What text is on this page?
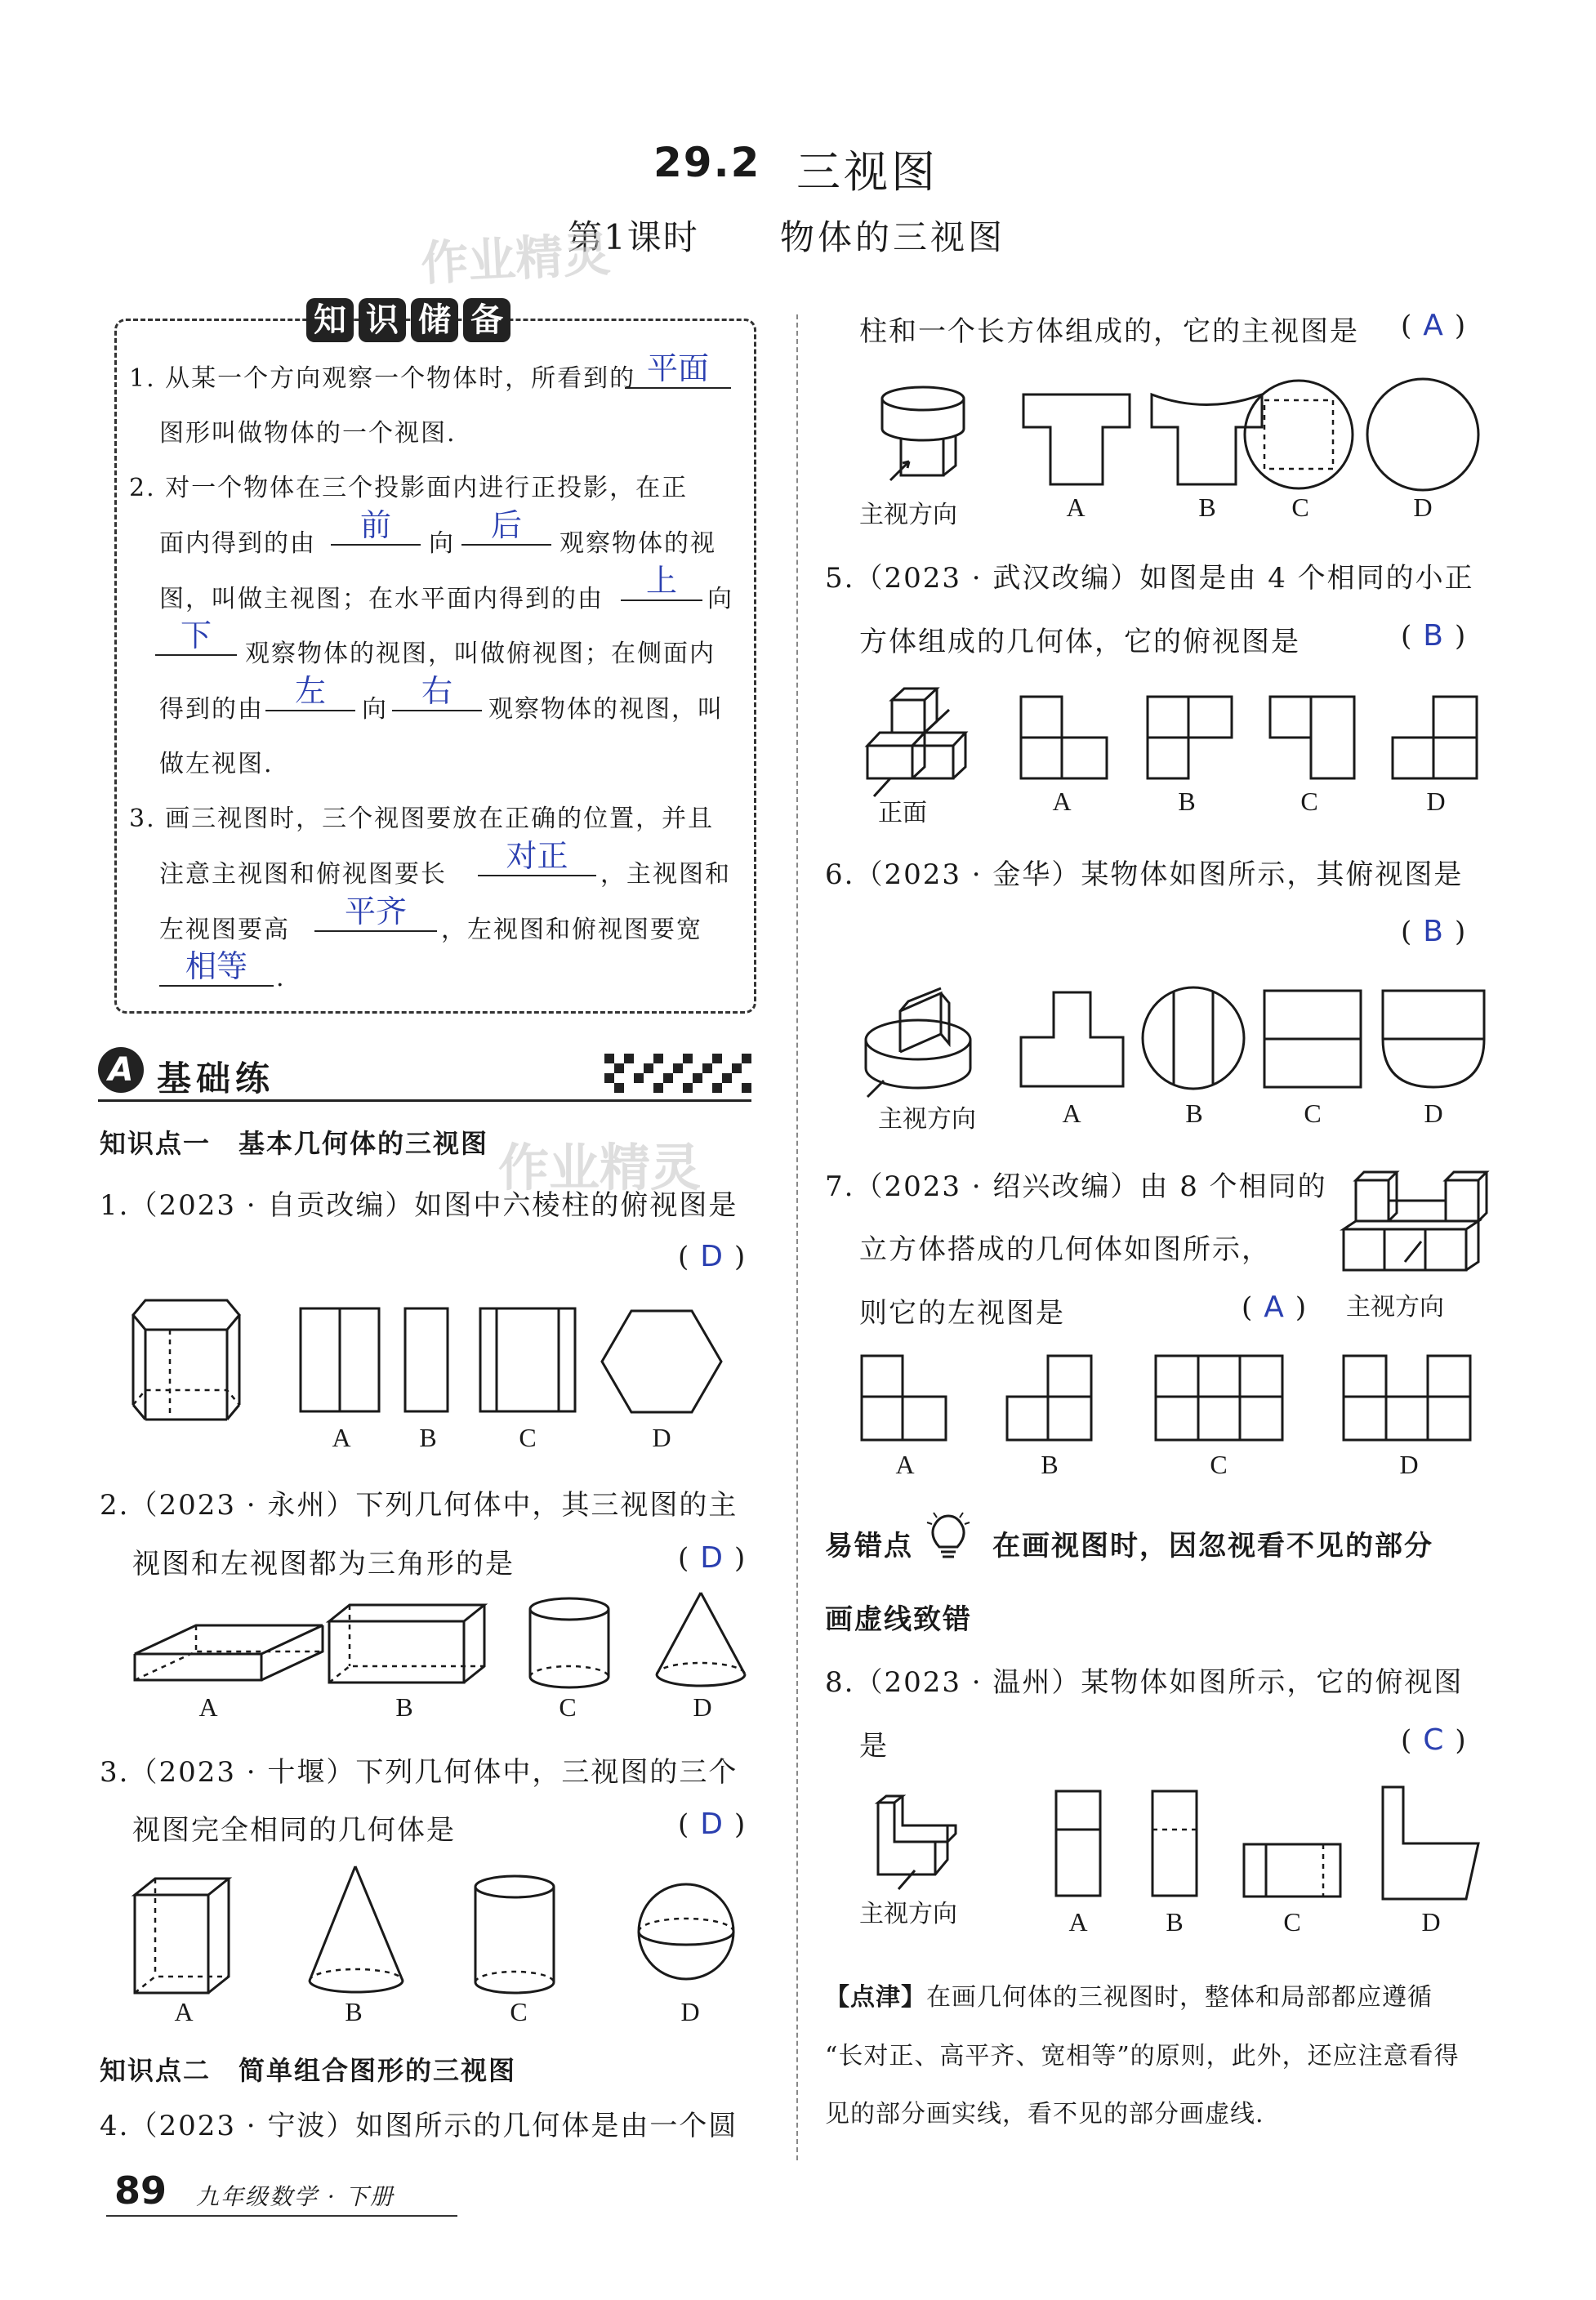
29.2 三视图
第1课时 物体的三视图
作业精灵
知 识 储 备
1. 从某一个方向观察一个物体时，所看到的 平面
图形叫做物体的一个视图.
2. 对一个物体在三个投影面内进行正投影，在正
面内得到的由
前
向
后
观察物体的视
图，叫做主视图；在水平面内得到的由
上
向
下
观察物体的视图，叫做俯视图；在侧面内
得到的由
左
向
右
观察物体的视图，叫
做左视图.
3. 画三视图时，三个视图要放在正确的位置，并且
注意主视图和俯视图要长
对正
，主视图和
左视图要高
平齐
，左视图和俯视图要宽
相等	.
A 基础练
知识点一　基本几何体的三视图 作业精灵
1.（2023 · 自贡改编）如图中六棱柱的俯视图是
( D )
A	B	C	D
2.（2023 · 永州）下列几何体中，其三视图的主
视图和左视图都为三角形的是	( D )
A	B	C	D
3.（2023 · 十堰）下列几何体中，三视图的三个
视图完全相同的几何体是	( D )
A	B	C	D
知识点二　简单组合图形的三视图
4.（2023 · 宁波）如图所示的几何体是由一个圆
柱和一个长方体组成的，它的主视图是 ( A )
主视方向	A	B	C	D
5.（2023 · 武汉改编）如图是由 4 个相同的小正
方体组成的几何体，它的俯视图是	( B )
正面	A	B	C	D
6.（2023 · 金华）某物体如图所示，其俯视图是
( B )
主视方向	A	B	C	D
7.（2023 · 绍兴改编）由 8 个相同的
立方体搭成的几何体如图所示，
则它的左视图是	( A ) 主视方向
A	B	C	D
易错点	在画视图时，因忽视看不见的部分
画虚线致错
8.（2023 · 温州）某物体如图所示，它的俯视图
是	( C )
主视方向	A	B	C	D
【点津】在画几何体的三视图时，整体和局部都应遵循
“长对正、高平齐、宽相等”的原则，此外，还应注意看得
见的部分画实线，看不见的部分画虚线.
89 九年级数学 · 下册
